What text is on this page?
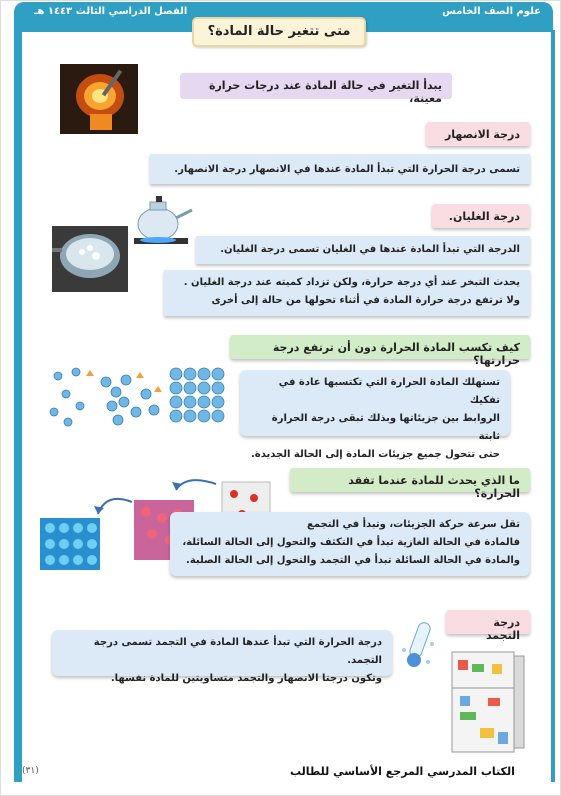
الفصل الدراسي الثالث ١٤٤٣ هـ	علوم الصف الخامس
متى تتغير حالة المادة؟
يبدأ التغير في حالة المادة عند درجات حرارة معينة،
درجة الانصهار
تسمى درجة الحرارة التي تبدأ المادة عندها في الانصهار درجة الانصهار.
درجة الغليان.
الدرجة التي تبدأ المادة عندها في الغليان تسمى درجة الغليان.
يحدث التبخر عند أي درجة حرارة، ولكن تزداد كميته عند درجة الغليان .
ولا ترتفع درجة حرارة المادة في أثناء تحولها من حالة إلى أخرى
كيف تكسب المادة الحرارة دون أن ترتفع درجة حرارتها؟
تستهلك المادة الحرارة التي تكتسبها عادة في تفكيك
الروابط بين جزيئاتها وبذلك تبقى درجة الحرارة ثابتة
حتى تتحول جميع جزيئات المادة إلى الحالة الجديدة.
ما الذي يحدث للمادة عندما تفقد الحرارة؟
تقل سرعة حركة الجزيئات، وتبدأ في التجمع
فالمادة في الحالة الغازية تبدأ في التكثف والتحول إلى الحالة السائلة،
والمادة في الحالة السائلة تبدأ في التجمد والتحول إلى الحالة الصلبة.
درجة التجمد
درجة الحرارة التي تبدأ عندها المادة في التجمد تسمى درجة التجمد.
وتكون درجتا الانصهار والتجمد متساويتين للمادة نفسها.
الكتاب المدرسي المرجع الأساسي للطالب
(٣١)
